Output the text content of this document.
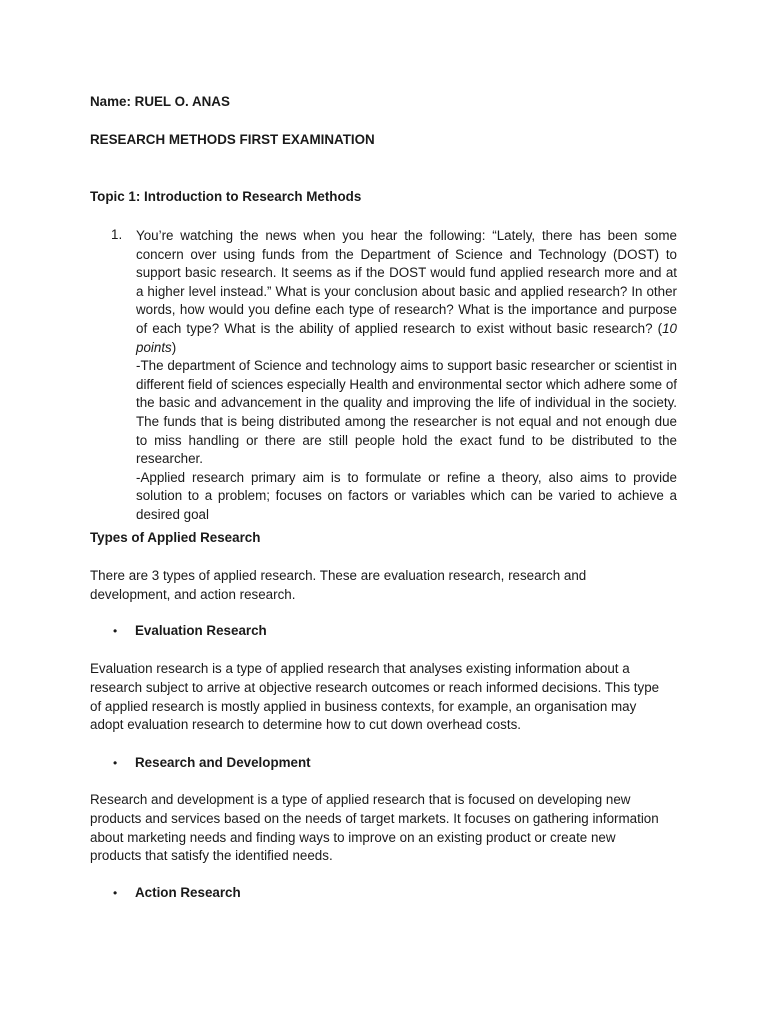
Name: RUEL O. ANAS

RESEARCH METHODS FIRST EXAMINATION

Topic 1: Introduction to Research Methods

1. You’re watching the news when you hear the following: “Lately, there has been some concern over using funds from the Department of Science and Technology (DOST) to support basic research. It seems as if the DOST would fund applied research more and at a higher level instead.” What is your conclusion about basic and applied research? In other words, how would you define each type of research? What is the importance and purpose of each type? What is the ability of applied research to exist without basic research? (10 points)

-The department of Science and technology aims to support basic researcher or scientist in different field of sciences especially Health and environmental sector which adhere some of the basic and advancement in the quality and improving the life of individual in the society. The funds that is being distributed among the researcher is not equal and not enough due to miss handling or there are still people hold the exact fund to be distributed to the researcher.

-Applied research primary aim is to formulate or refine a theory, also aims to provide solution to a problem; focuses on factors or variables which can be varied to achieve a desired goal

Types of Applied Research

There are 3 types of applied research. These are evaluation research, research and development, and action research.

• Evaluation Research

Evaluation research is a type of applied research that analyses existing information about a research subject to arrive at objective research outcomes or reach informed decisions. This type of applied research is mostly applied in business contexts, for example, an organisation may adopt evaluation research to determine how to cut down overhead costs.

• Research and Development

Research and development is a type of applied research that is focused on developing new products and services based on the needs of target markets. It focuses on gathering information about marketing needs and finding ways to improve on an existing product or create new products that satisfy the identified needs.

• Action Research
